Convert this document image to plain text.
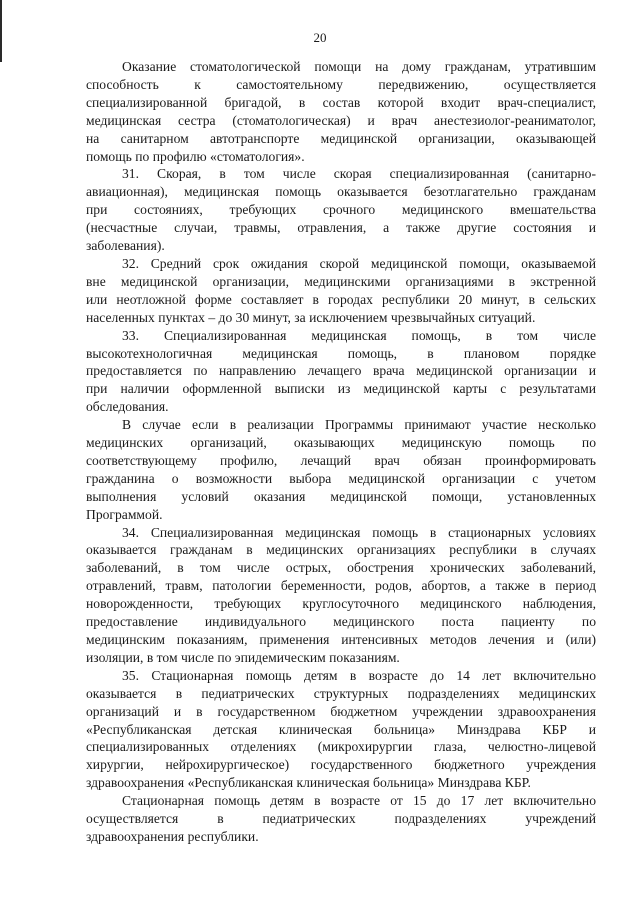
20

Оказание стоматологической помощи на дому гражданам, утратившим
способность к самостоятельному передвижению, осуществляется
специализированной бригадой, в состав которой входит врач-специалист,
медицинская сестра (стоматологическая) и врач анестезиолог-реаниматолог,
на санитарном автотранспорте медицинской организации, оказывающей
помощь по профилю «стоматология».

31. Скорая, в том числе скорая специализированная (санитарно-
авиационная), медицинская помощь оказывается безотлагательно гражданам
при состояниях, требующих срочного медицинского вмешательства
(несчастные случаи, травмы, отравления, а также другие состояния и
заболевания).

32. Средний срок ожидания скорой медицинской помощи, оказываемой
вне медицинской организации, медицинскими организациями в экстренной
или неотложной форме составляет в городах республики 20 минут, в сельских
населенных пунктах – до 30 минут, за исключением чрезвычайных ситуаций.

33. Специализированная медицинская помощь, в том числе
высокотехнологичная медицинская помощь, в плановом порядке
предоставляется по направлению лечащего врача медицинской организации и
при наличии оформленной выписки из медицинской карты с результатами
обследования.

В случае если в реализации Программы принимают участие несколько
медицинских организаций, оказывающих медицинскую помощь по
соответствующему профилю, лечащий врач обязан проинформировать
гражданина о возможности выбора медицинской организации с учетом
выполнения условий оказания медицинской помощи, установленных
Программой.

34. Специализированная медицинская помощь в стационарных условиях
оказывается гражданам в медицинских организациях республики в случаях
заболеваний, в том числе острых, обострения хронических заболеваний,
отравлений, травм, патологии беременности, родов, абортов, а также в период
новорожденности, требующих круглосуточного медицинского наблюдения,
предоставление индивидуального медицинского поста пациенту по
медицинским показаниям, применения интенсивных методов лечения и (или)
изоляции, в том числе по эпидемическим показаниям.

35. Стационарная помощь детям в возрасте до 14 лет включительно
оказывается в педиатрических структурных подразделениях медицинских
организаций и в государственном бюджетном учреждении здравоохранения
«Республиканская детская клиническая больница» Минздрава КБР и
специализированных отделениях (микрохирургии глаза, челюстно-лицевой
хирургии, нейрохирургическое) государственного бюджетного учреждения
здравоохранения «Республиканская клиническая больница» Минздрава КБР.

Стационарная помощь детям в возрасте от 15 до 17 лет включительно
осуществляется в педиатрических подразделениях учреждений
здравоохранения республики.
